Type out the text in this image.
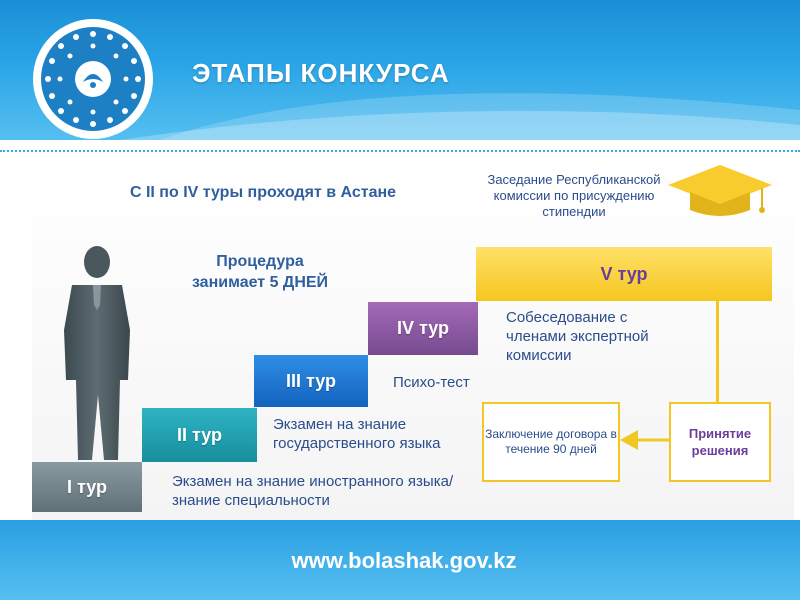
ЭТАПЫ КОНКУРСА
С II по IV туры проходят в Астане
Процедура
занимает 5 ДНЕЙ
I тур
II тур
III тур
IV тур
V тур
Экзамен на знание иностранного языка/знание специальности
Экзамен на знание государственного языка
Психо-тест
Собеседование с членами экспертной комиссии
Заседание Республиканской комиссии по присуждению стипендии
Заключение договора в течение 90 дней
Принятие решения
www.bolashak.gov.kz
